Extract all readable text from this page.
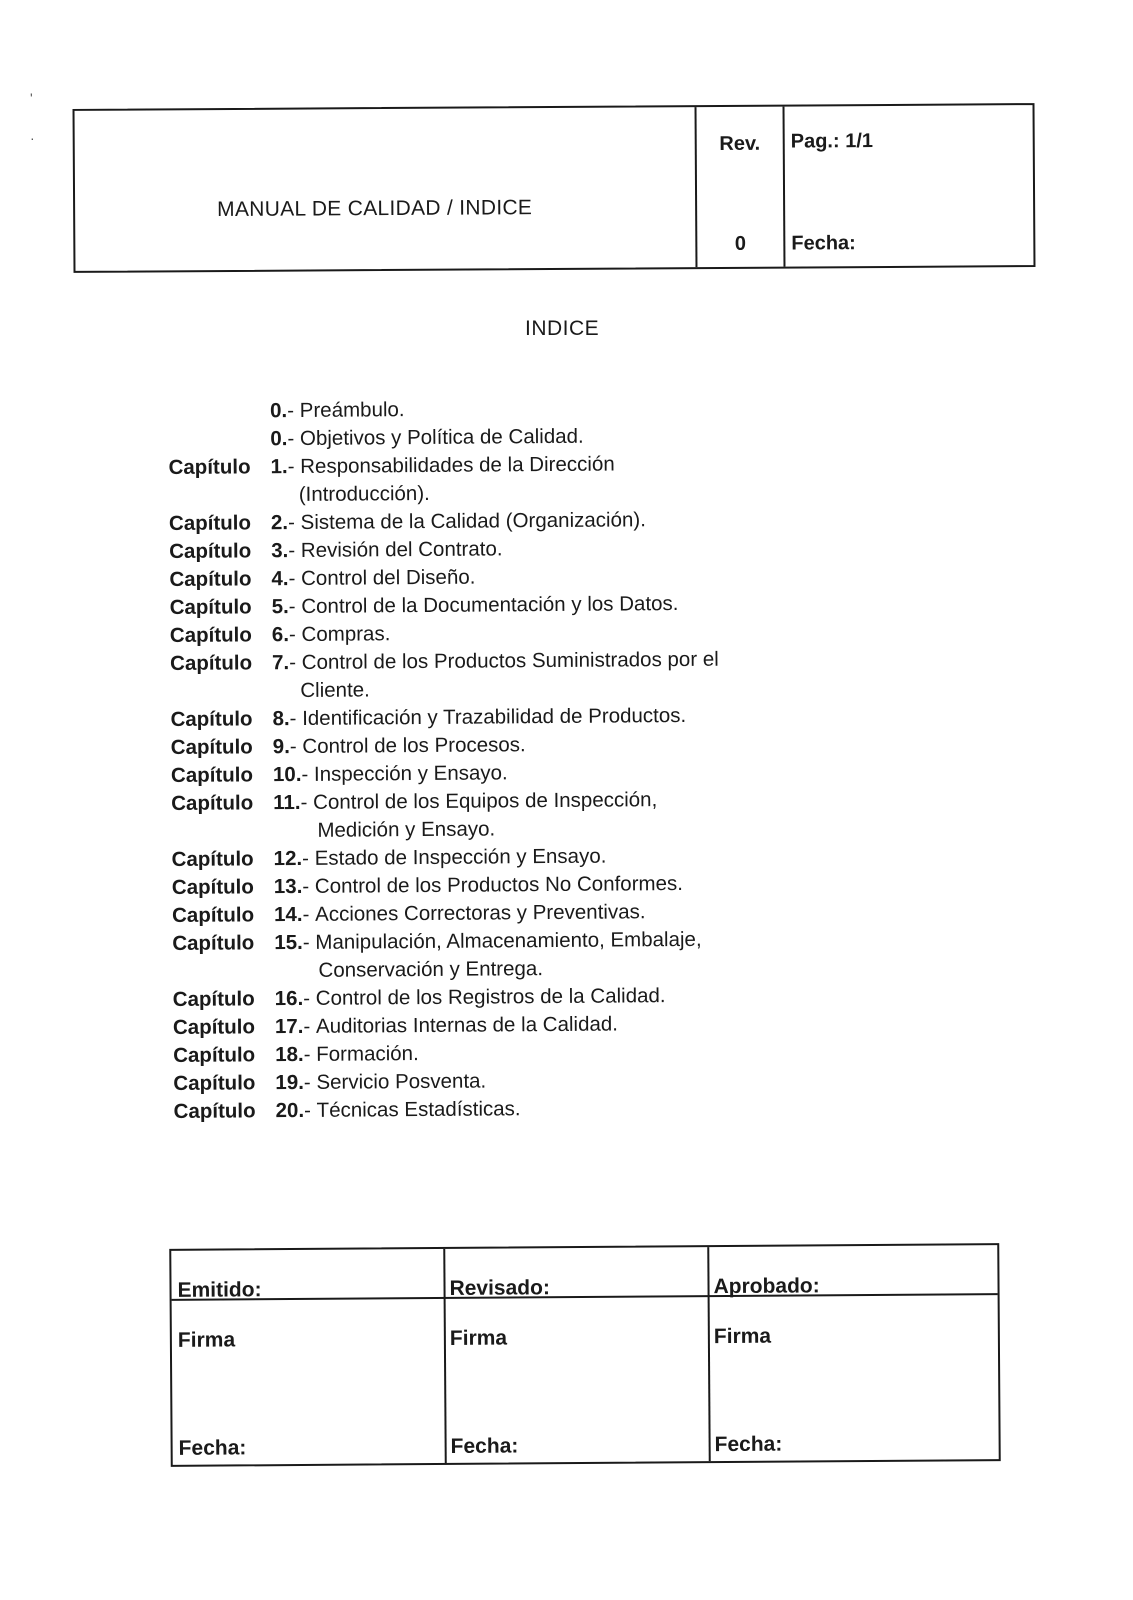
'
·
MANUAL DE CALIDAD / INDICE
Rev.
0
Pag.: 1/1
Fecha:
INDICE
0. - Preámbulo.
0. - Objetivos y Política de Calidad.
Capítulo 1. - Responsabilidades de la Dirección
(Introducción).
Capítulo 2. - Sistema de la Calidad (Organización).
Capítulo 3. - Revisión del Contrato.
Capítulo 4. - Control del Diseño.
Capítulo 5. - Control de la Documentación y los Datos.
Capítulo 6. - Compras.
Capítulo 7. - Control de los Productos Suministrados por el
Cliente.
Capítulo 8. - Identificación y Trazabilidad de Productos.
Capítulo 9. - Control de los Procesos.
Capítulo 10. - Inspección y Ensayo.
Capítulo 11. - Control de los Equipos de Inspección,
Medición y Ensayo.
Capítulo 12. - Estado de Inspección y Ensayo.
Capítulo 13. - Control de los Productos No Conformes.
Capítulo 14. - Acciones Correctoras y Preventivas.
Capítulo 15. - Manipulación, Almacenamiento, Embalaje,
Conservación y Entrega.
Capítulo 16. - Control de los Registros de la Calidad.
Capítulo 17. - Auditorias Internas de la Calidad.
Capítulo 18. - Formación.
Capítulo 19. - Servicio Posventa.
Capítulo 20. - Técnicas Estadísticas.
Emitido:
Firma
Fecha:
Revisado:
Firma
Fecha:
Aprobado:
Firma
Fecha:
